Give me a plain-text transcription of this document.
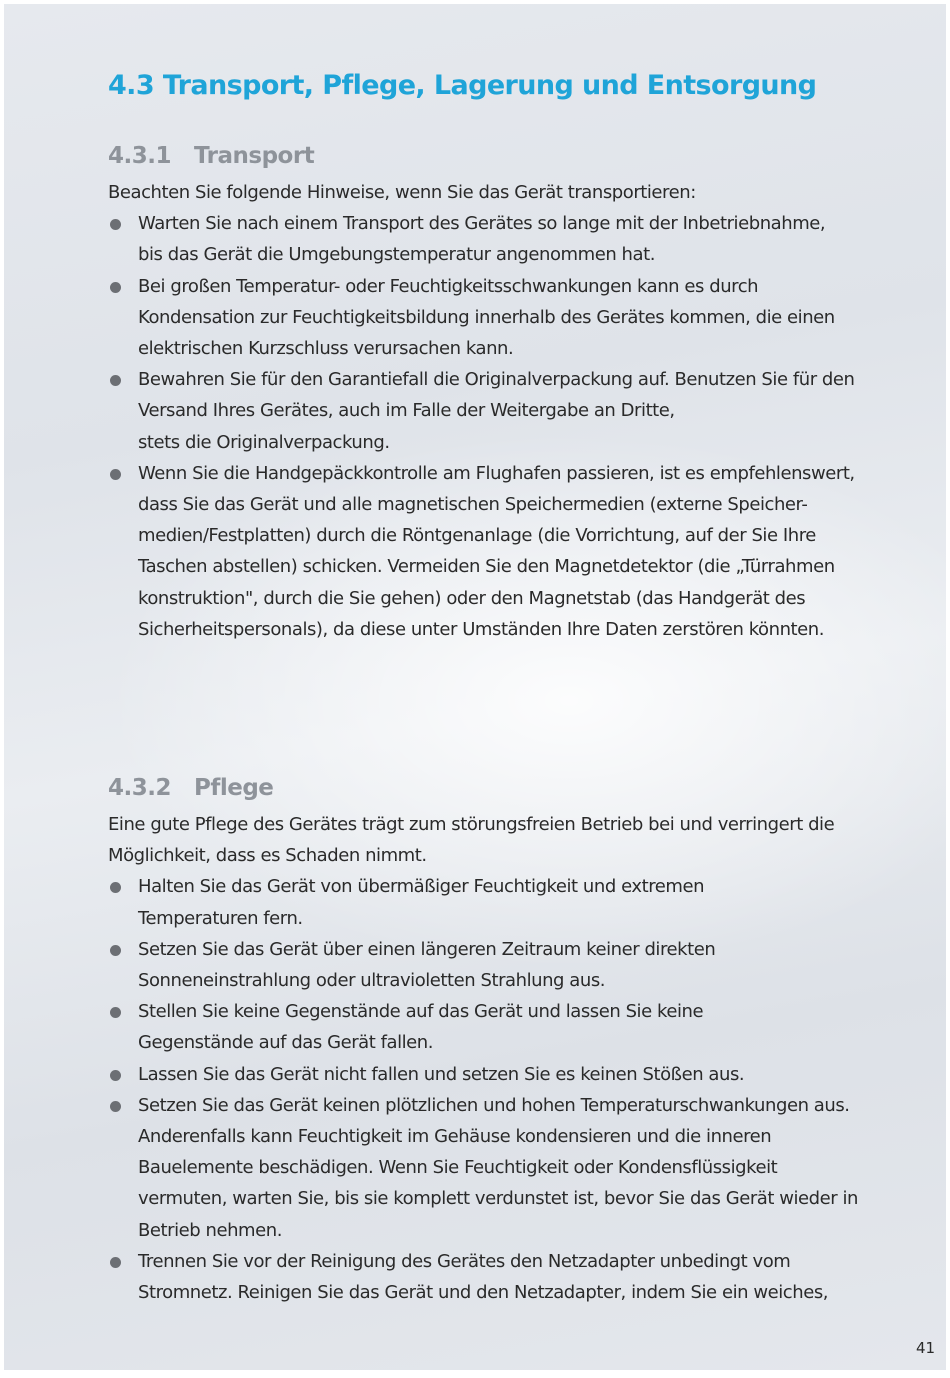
4.3 Transport, Pflege, Lagerung und Entsorgung
4.3.1 Transport

Beachten Sie folgende Hinweise, wenn Sie das Gerät transportieren:

Warten Sie nach einem Transport des Gerätes so lange mit der Inbetriebnahme,
bis das Gerät die Umgebungstemperatur angenommen hat.
Bei großen Temperatur- oder Feuchtigkeitsschwankungen kann es durch
Kondensation zur Feuchtigkeitsbildung innerhalb des Gerätes kommen, die einen
elektrischen Kurzschluss verursachen kann.
Bewahren Sie für den Garantiefall die Originalverpackung auf. Benutzen Sie für den
Versand Ihres Gerätes, auch im Falle der Weitergabe an Dritte,
stets die Originalverpackung.
Wenn Sie die Handgepäckkontrolle am Flughafen passieren, ist es empfehlenswert,
dass Sie das Gerät und alle magnetischen Speichermedien (externe Speicher-
medien/Festplatten) durch die Röntgenanlage (die Vorrichtung, auf der Sie Ihre
Taschen abstellen) schicken. Vermeiden Sie den Magnetdetektor (die „Türrahmen
konstruktion", durch die Sie gehen) oder den Magnetstab (das Handgerät des
Sicherheitspersonals), da diese unter Umständen Ihre Daten zerstören könnten.
4.3.2 Pflege
Eine gute Pflege des Gerätes trägt zum störungsfreien Betrieb bei und verringert die
Möglichkeit, dass es Schaden nimmt.
Halten Sie das Gerät von übermäßiger Feuchtigkeit und extremen
Temperaturen fern.
Setzen Sie das Gerät über einen längeren Zeitraum keiner direkten
Sonneneinstrahlung oder ultravioletten Strahlung aus.
Stellen Sie keine Gegenstände auf das Gerät und lassen Sie keine
Gegenstände auf das Gerät fallen.
Lassen Sie das Gerät nicht fallen und setzen Sie es keinen Stößen aus.
Setzen Sie das Gerät keinen plötzlichen und hohen Temperaturschwankungen aus.
Anderenfalls kann Feuchtigkeit im Gehäuse kondensieren und die inneren
Bauelemente beschädigen. Wenn Sie Feuchtigkeit oder Kondensflüssigkeit
vermuten, warten Sie, bis sie komplett verdunstet ist, bevor Sie das Gerät wieder in
Betrieb nehmen.
Trennen Sie vor der Reinigung des Gerätes den Netzadapter unbedingt vom
Stromnetz. Reinigen Sie das Gerät und den Netzadapter, indem Sie ein weiches,
41
